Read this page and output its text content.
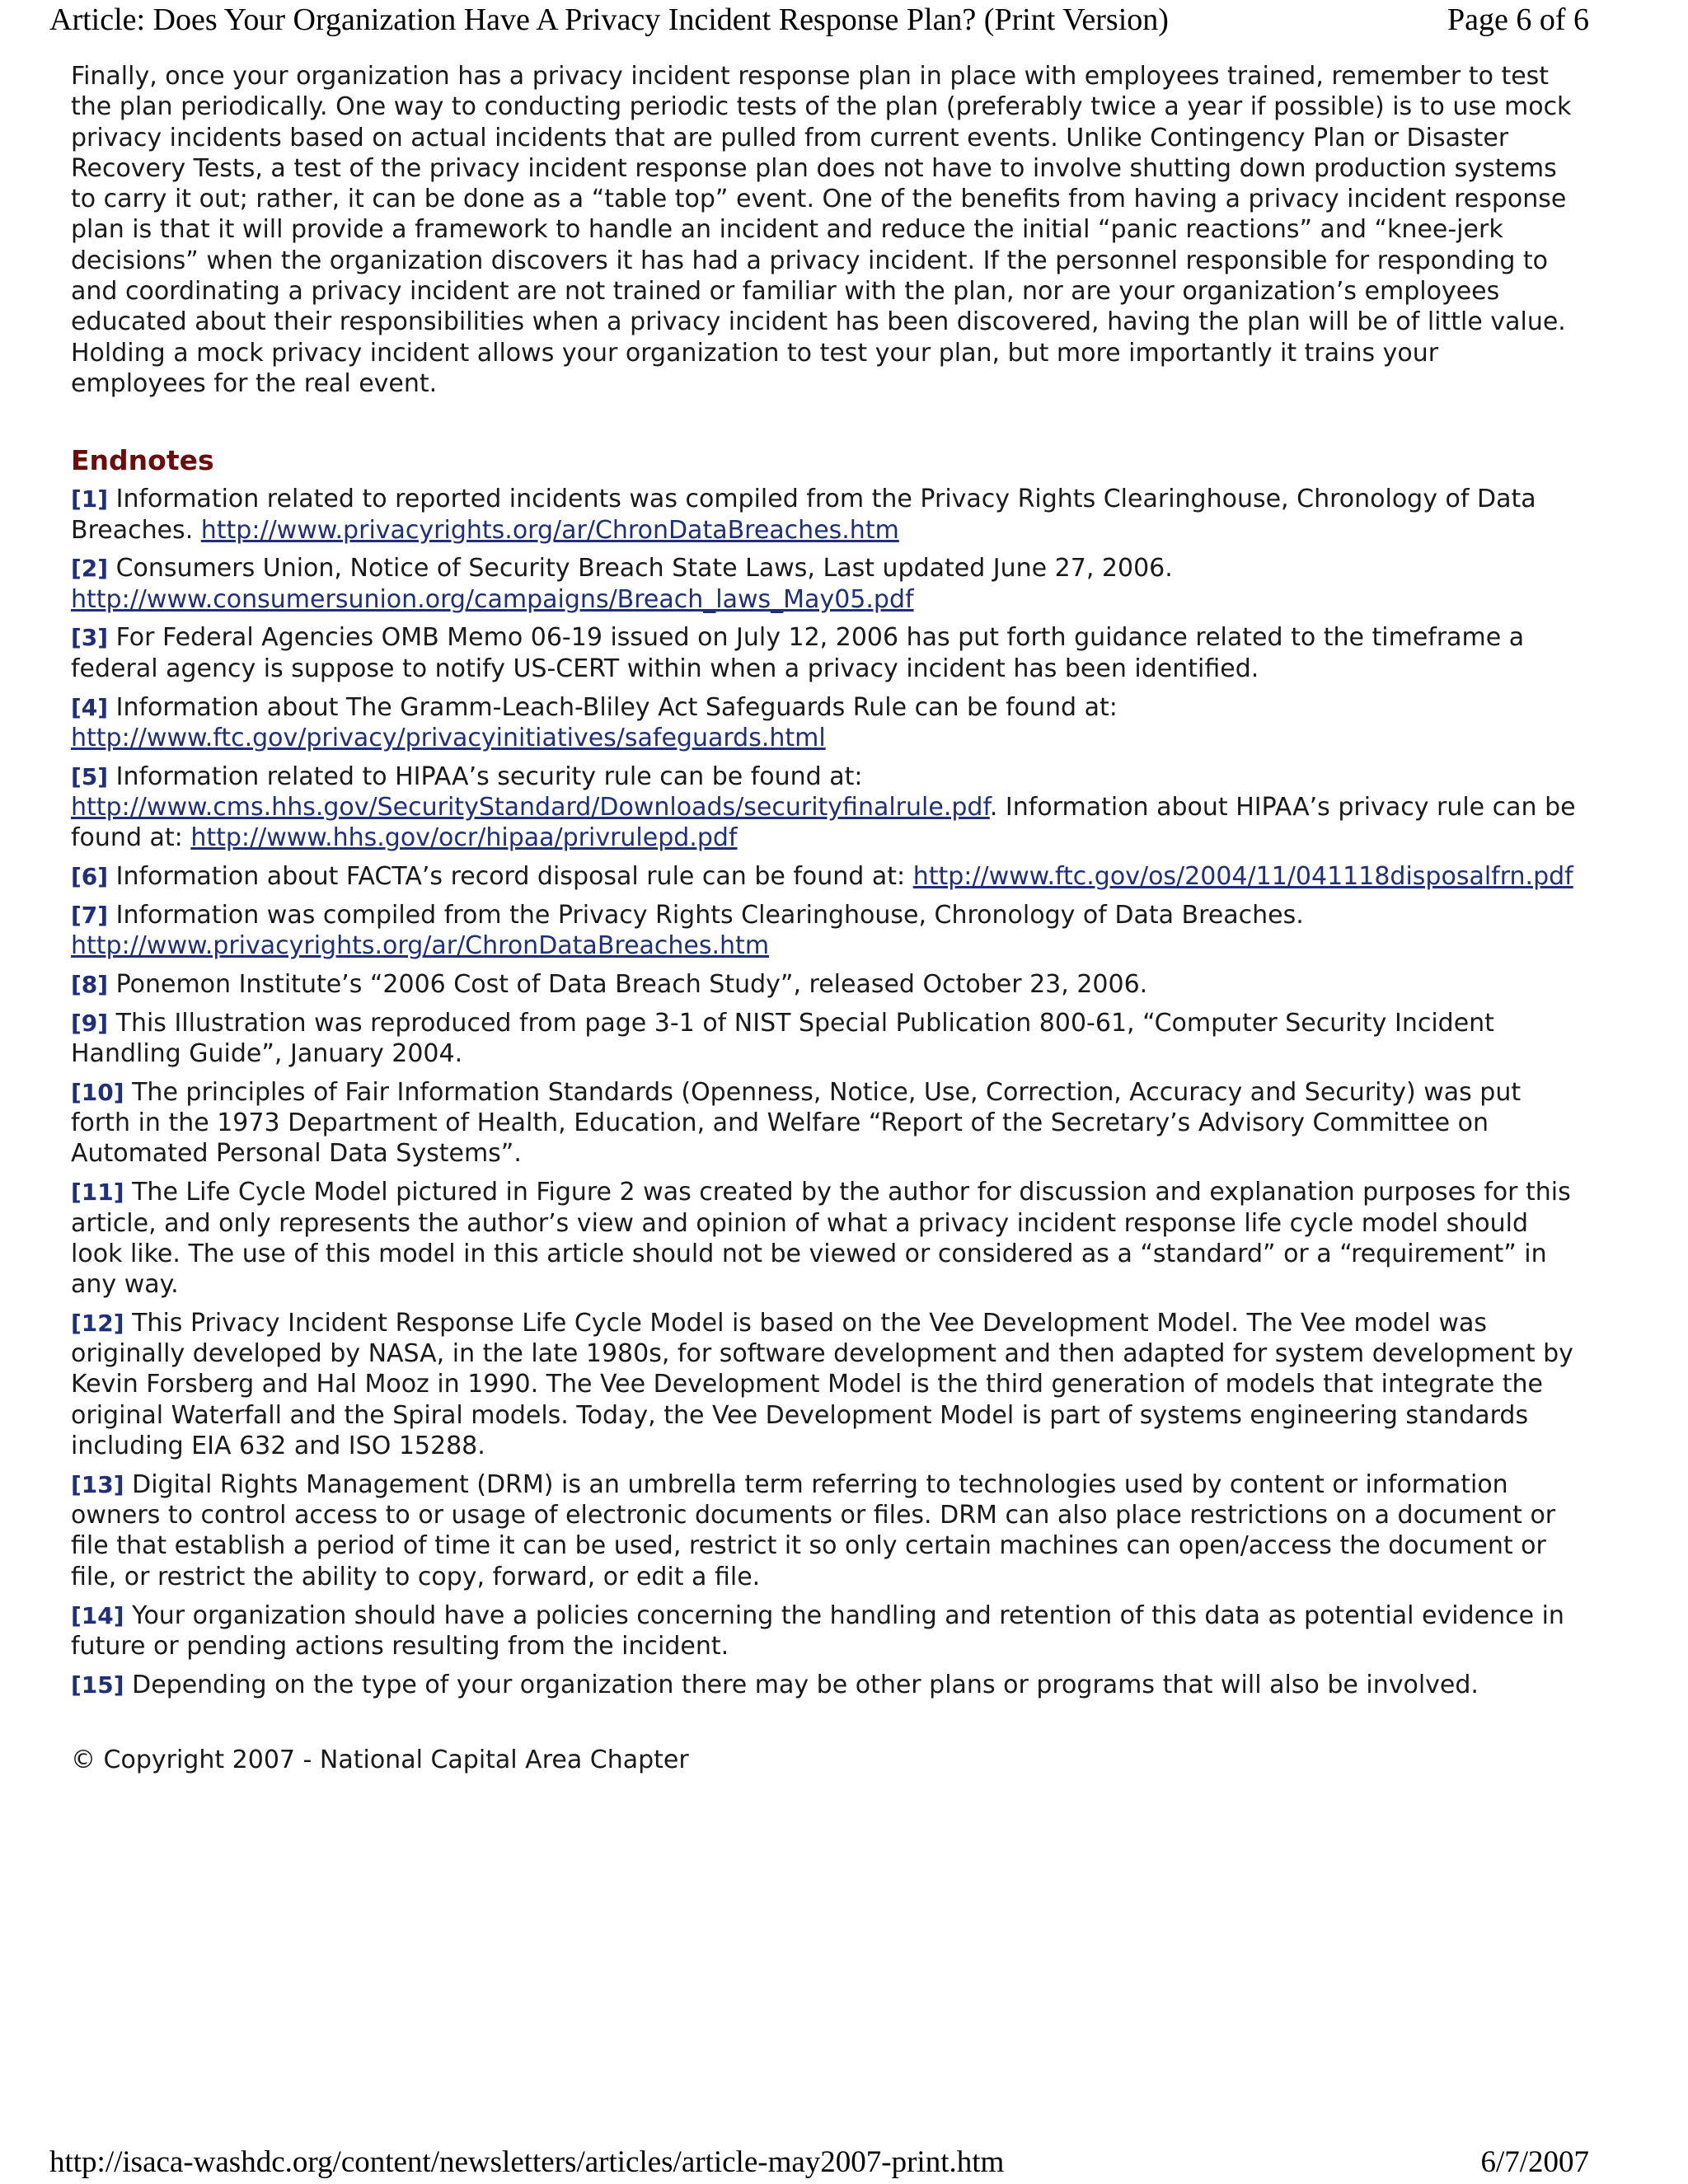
Article: Does Your Organization Have A Privacy Incident Response Plan? (Print Version)	Page 6 of 6

Finally, once your organization has a privacy incident response plan in place with employees trained, remember to test the plan periodically. One way to conducting periodic tests of the plan (preferably twice a year if possible) is to use mock privacy incidents based on actual incidents that are pulled from current events. Unlike Contingency Plan or Disaster Recovery Tests, a test of the privacy incident response plan does not have to involve shutting down production systems to carry it out; rather, it can be done as a “table top” event. One of the benefits from having a privacy incident response plan is that it will provide a framework to handle an incident and reduce the initial “panic reactions” and “knee-jerk decisions” when the organization discovers it has had a privacy incident. If the personnel responsible for responding to and coordinating a privacy incident are not trained or familiar with the plan, nor are your organization’s employees educated about their responsibilities when a privacy incident has been discovered, having the plan will be of little value. Holding a mock privacy incident allows your organization to test your plan, but more importantly it trains your employees for the real event.

Endnotes

[1] Information related to reported incidents was compiled from the Privacy Rights Clearinghouse, Chronology of Data Breaches. http://www.privacyrights.org/ar/ChronDataBreaches.htm

[2] Consumers Union, Notice of Security Breach State Laws, Last updated June 27, 2006. http://www.consumersunion.org/campaigns/Breach_laws_May05.pdf

[3] For Federal Agencies OMB Memo 06-19 issued on July 12, 2006 has put forth guidance related to the timeframe a federal agency is suppose to notify US-CERT within when a privacy incident has been identified.

[4] Information about The Gramm-Leach-Bliley Act Safeguards Rule can be found at: http://www.ftc.gov/privacy/privacyinitiatives/safeguards.html

[5] Information related to HIPAA’s security rule can be found at: http://www.cms.hhs.gov/SecurityStandard/Downloads/securityfinalrule.pdf. Information about HIPAA’s privacy rule can be found at: http://www.hhs.gov/ocr/hipaa/privrulepd.pdf

[6] Information about FACTA’s record disposal rule can be found at: http://www.ftc.gov/os/2004/11/041118disposalfrn.pdf

[7] Information was compiled from the Privacy Rights Clearinghouse, Chronology of Data Breaches. http://www.privacyrights.org/ar/ChronDataBreaches.htm

[8] Ponemon Institute’s “2006 Cost of Data Breach Study”, released October 23, 2006.

[9] This Illustration was reproduced from page 3-1 of NIST Special Publication 800-61, “Computer Security Incident Handling Guide”, January 2004.

[10] The principles of Fair Information Standards (Openness, Notice, Use, Correction, Accuracy and Security) was put forth in the 1973 Department of Health, Education, and Welfare “Report of the Secretary’s Advisory Committee on Automated Personal Data Systems”.

[11] The Life Cycle Model pictured in Figure 2 was created by the author for discussion and explanation purposes for this article, and only represents the author’s view and opinion of what a privacy incident response life cycle model should look like. The use of this model in this article should not be viewed or considered as a “standard” or a “requirement” in any way.

[12] This Privacy Incident Response Life Cycle Model is based on the Vee Development Model. The Vee model was originally developed by NASA, in the late 1980s, for software development and then adapted for system development by Kevin Forsberg and Hal Mooz in 1990. The Vee Development Model is the third generation of models that integrate the original Waterfall and the Spiral models. Today, the Vee Development Model is part of systems engineering standards including EIA 632 and ISO 15288.

[13] Digital Rights Management (DRM) is an umbrella term referring to technologies used by content or information owners to control access to or usage of electronic documents or files. DRM can also place restrictions on a document or file that establish a period of time it can be used, restrict it so only certain machines can open/access the document or file, or restrict the ability to copy, forward, or edit a file.

[14] Your organization should have a policies concerning the handling and retention of this data as potential evidence in future or pending actions resulting from the incident.

[15] Depending on the type of your organization there may be other plans or programs that will also be involved.

© Copyright 2007 - National Capital Area Chapter

http://isaca-washdc.org/content/newsletters/articles/article-may2007-print.htm	6/7/2007
